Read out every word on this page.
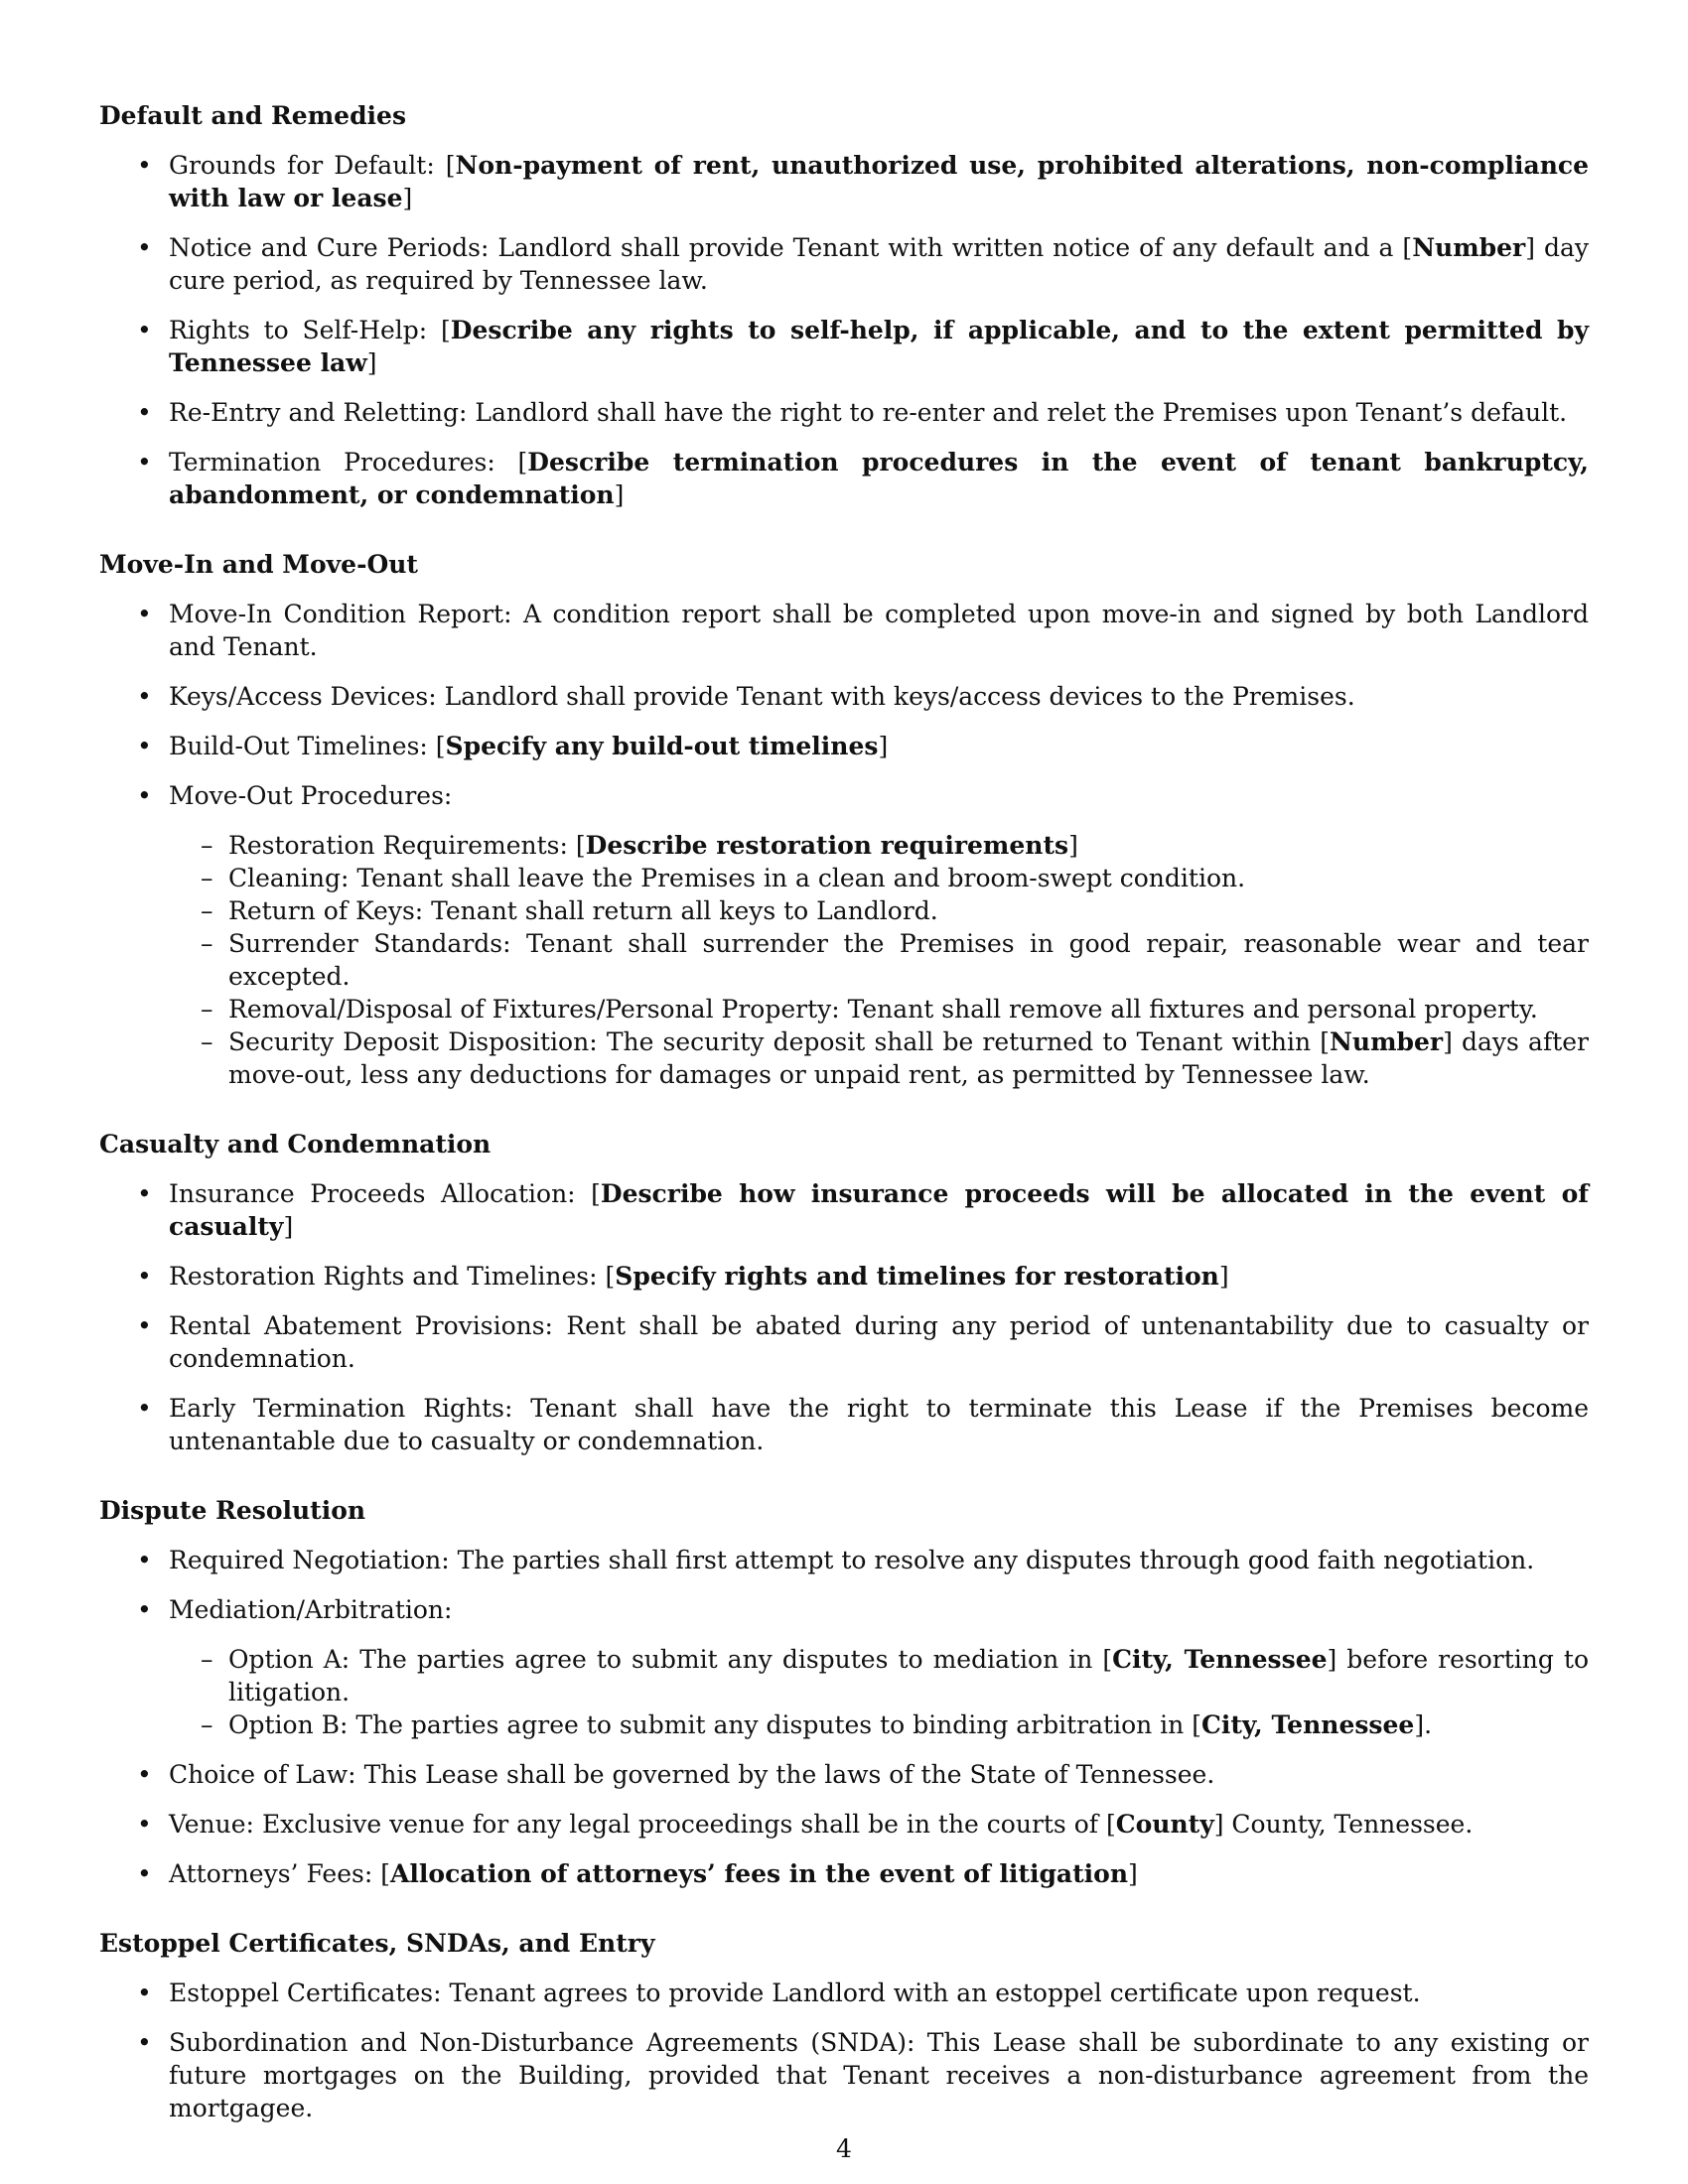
Default and Remedies
• Grounds for Default: [Non-payment of rent, unauthorized use, prohibited alterations, non-compliance with law or lease]
• Notice and Cure Periods: Landlord shall provide Tenant with written notice of any default and a [Number] day cure period, as required by Tennessee law.
• Rights to Self-Help: [Describe any rights to self-help, if applicable, and to the extent permitted by Tennessee law]
• Re-Entry and Reletting: Landlord shall have the right to re-enter and relet the Premises upon Tenant’s default.
• Termination Procedures: [Describe termination procedures in the event of tenant bankruptcy, abandonment, or condemnation]
Move-In and Move-Out
• Move-In Condition Report: A condition report shall be completed upon move-in and signed by both Landlord and Tenant.
• Keys/Access Devices: Landlord shall provide Tenant with keys/access devices to the Premises.
• Build-Out Timelines: [Specify any build-out timelines]
• Move-Out Procedures:
– Restoration Requirements: [Describe restoration requirements]
– Cleaning: Tenant shall leave the Premises in a clean and broom-swept condition.
– Return of Keys: Tenant shall return all keys to Landlord.
– Surrender Standards: Tenant shall surrender the Premises in good repair, reasonable wear and tear excepted.
– Removal/Disposal of Fixtures/Personal Property: Tenant shall remove all fixtures and personal property.
– Security Deposit Disposition: The security deposit shall be returned to Tenant within [Number] days after move-out, less any deductions for damages or unpaid rent, as permitted by Tennessee law.
Casualty and Condemnation
• Insurance Proceeds Allocation: [Describe how insurance proceeds will be allocated in the event of casualty]
• Restoration Rights and Timelines: [Specify rights and timelines for restoration]
• Rental Abatement Provisions: Rent shall be abated during any period of untenantability due to casualty or condemnation.
• Early Termination Rights: Tenant shall have the right to terminate this Lease if the Premises become untenantable due to casualty or condemnation.
Dispute Resolution
• Required Negotiation: The parties shall first attempt to resolve any disputes through good faith negotiation.
• Mediation/Arbitration:
– Option A: The parties agree to submit any disputes to mediation in [City, Tennessee] before resorting to litigation.
– Option B: The parties agree to submit any disputes to binding arbitration in [City, Tennessee].
• Choice of Law: This Lease shall be governed by the laws of the State of Tennessee.
• Venue: Exclusive venue for any legal proceedings shall be in the courts of [County] County, Tennessee.
• Attorneys’ Fees: [Allocation of attorneys’ fees in the event of litigation]
Estoppel Certificates, SNDAs, and Entry
• Estoppel Certificates: Tenant agrees to provide Landlord with an estoppel certificate upon request.
• Subordination and Non-Disturbance Agreements (SNDA): This Lease shall be subordinate to any existing or future mortgages on the Building, provided that Tenant receives a non-disturbance agreement from the mortgagee.
4
